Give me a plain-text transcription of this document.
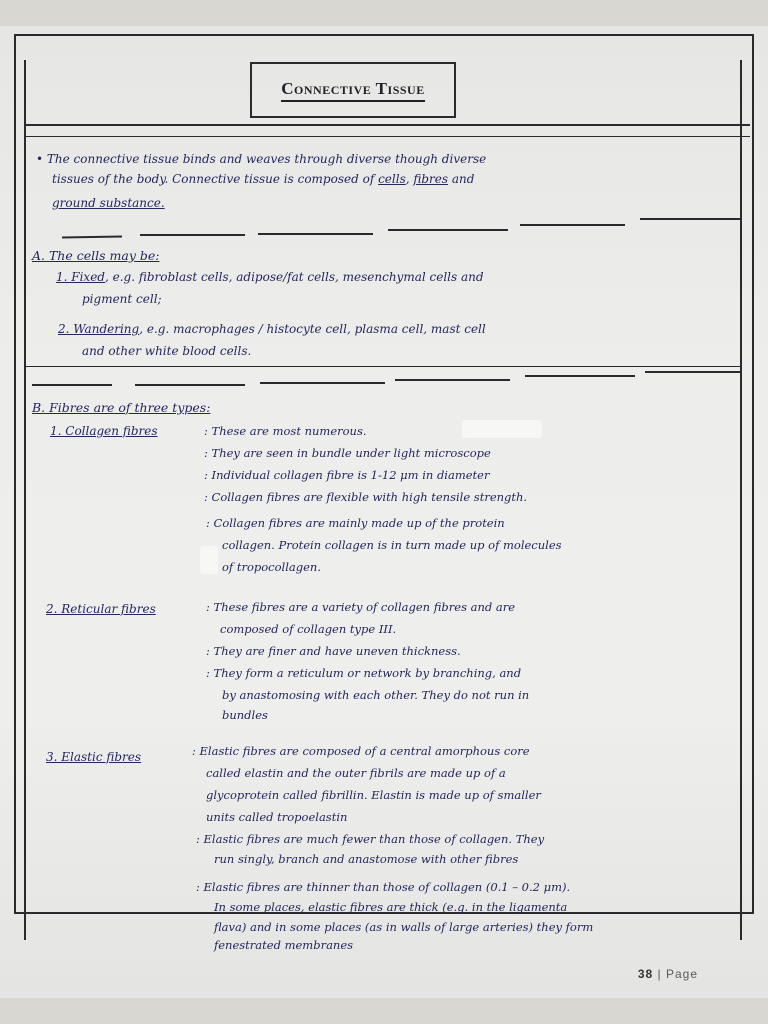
Connective Tissue
• The connective tissue binds and weaves through diverse though diverse
tissues of the body. Connective tissue is composed of cells, fibres and
ground substance.
A. The cells may be:
1. Fixed, e.g. fibroblast cells, adipose/fat cells, mesenchymal cells and
pigment cell;
2. Wandering, e.g. macrophages / histocyte cell, plasma cell, mast cell
and other white blood cells.
B. Fibres are of three types:
1. Collagen fibres	: These are most numerous.
: They are seen in bundle under light microscope
: Individual collagen fibre is 1-12 μm in diameter
: Collagen fibres are flexible with high tensile strength.
: Collagen fibres are mainly made up of the protein
collagen. Protein collagen is in turn made up of molecules
of tropocollagen.
2. Reticular fibres	: These fibres are a variety of collagen fibres and are
composed of collagen type III.
: They are finer and have uneven thickness.
: They form a reticulum or network by branching, and
by anastomosing with each other. They do not run in
bundles
3. Elastic fibres	: Elastic fibres are composed of a central amorphous core
called elastin and the outer fibrils are made up of a
glycoprotein called fibrillin. Elastin is made up of smaller
units called tropoelastin
: Elastic fibres are much fewer than those of collagen. They
run singly, branch and anastomose with other fibres
: Elastic fibres are thinner than those of collagen (0.1 – 0.2 μm).
In some places, elastic fibres are thick (e.g. in the ligamenta
flava) and in some places (as in walls of large arteries) they form
fenestrated membranes
38 | Page
